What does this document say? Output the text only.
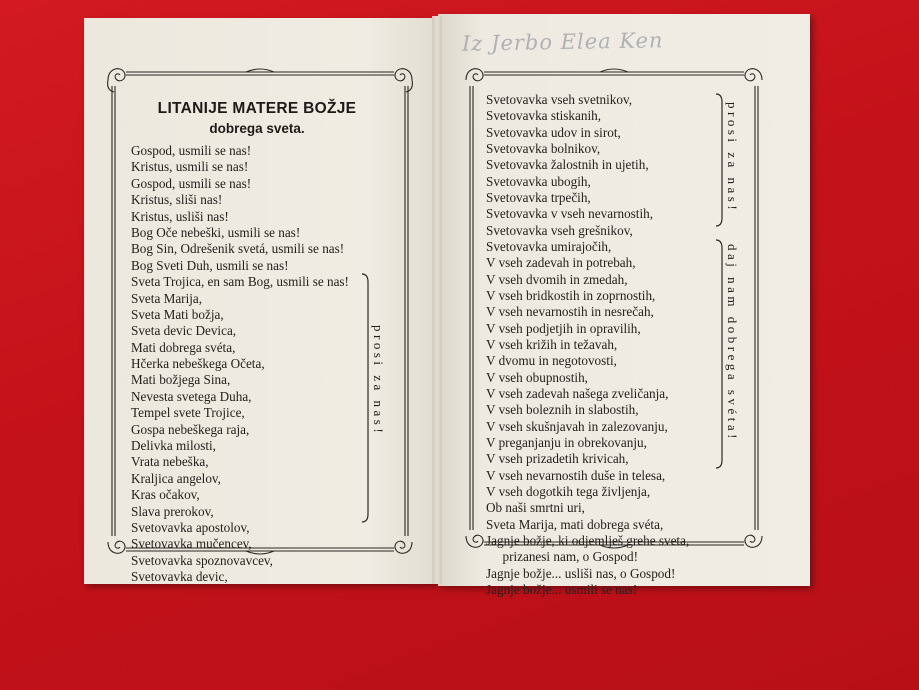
Iz Jerbo Elea Ken
LITANIJE MATERE BOŽJE
dobrega sveta.
Gospod, usmili se nas!
Kristus, usmili se nas!
Gospod, usmili se nas!
Kristus, sliši nas!
Kristus, usliši nas!
Bog Oče nebeški, usmili se nas!
Bog Sin, Odrešenik svetá, usmili se nas!
Bog Sveti Duh, usmili se nas!
Sveta Trojica, en sam Bog, usmili se nas!
Sveta Marija,
Sveta Mati božja,
Sveta devic Devica,
Mati dobrega svéta,
Hčerka nebeškega Očeta,
Mati božjega Sina,
Nevesta svetega Duha,
Tempel svete Trojice,
Gospa nebeškega raja,
Delivka milosti,
Vrata nebeška,
Kraljica angelov,
Kras očakov,
Slava prerokov,
Svetovavka apostolov,
Svetovavka mučencev,
Svetovavka spoznovavcev,
Svetovavka devic,
Svetovavka vseh svetnikov,
Svetovavka stiskanih,
Svetovavka udov in sirot,
Svetovavka bolnikov,
Svetovavka žalostnih in ujetih,
Svetovavka ubogih,
Svetovavka trpečih,
Svetovavka v vseh nevarnostih,
Svetovavka vseh grešnikov,
Svetovavka umirajočih,
V vseh zadevah in potrebah,
V vseh dvomih in zmedah,
V vseh bridkostih in zoprnostih,
V vseh nevarnostih in nesrečah,
V vseh podjetjih in opravilih,
V vseh križih in težavah,
V dvomu in negotovosti,
V vseh obupnostih,
V vseh zadevah našega zveličanja,
V vseh boleznih in slabostih,
V vseh skušnjavah in zalezovanju,
V preganjanju in obrekovanju,
V vseh prizadetih krivicah,
V vseh nevarnostih duše in telesa,
V vseh dogotkih tega življenja,
Ob naši smrtni uri,
Sveta Marija, mati dobrega svéta,
Jagnje božje, ki odjemlješ grehe sveta,
prizanesi nam, o Gospod!
Jagnje božje... usliši nas, o Gospod!
Jagnje božje... usmili se nas!
prosi za nas!
prosi za nas!
daj nam dobrega svéta!
